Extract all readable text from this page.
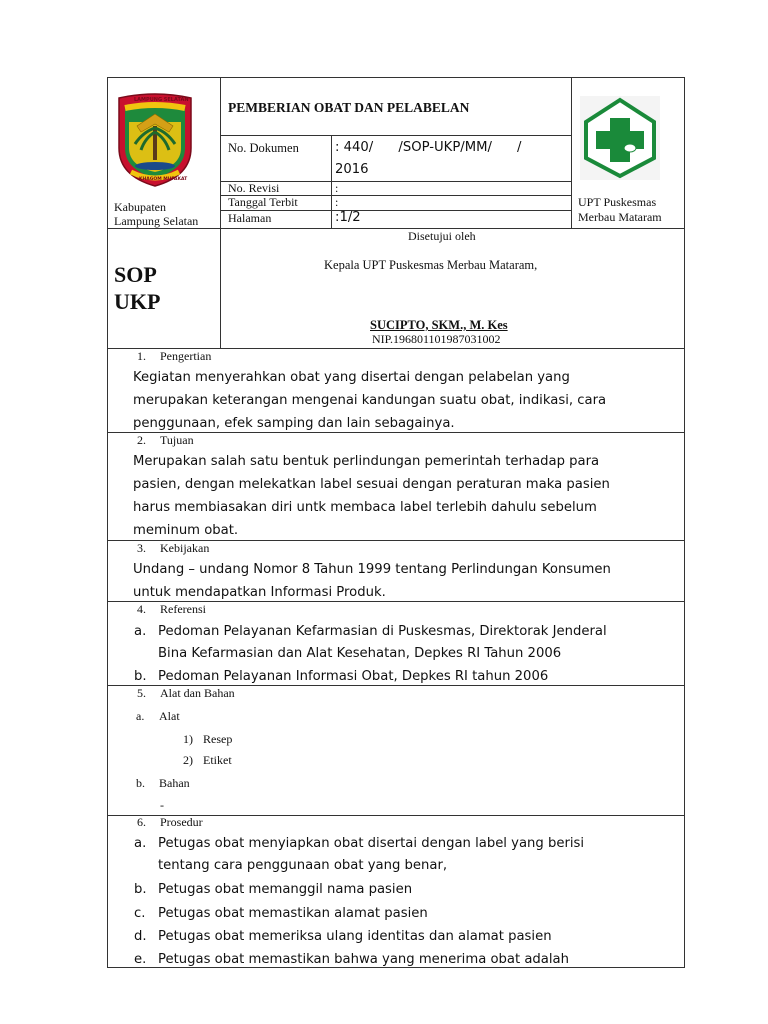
LAMPUNG SELATAN
KHAGOM MUFAKAT
Kabupaten
Lampung Selatan
PEMBERIAN OBAT DAN PELABELAN
No. Dokumen	: 440/      /SOP-UKP/MM/      /
2016
No. Revisi	:
Tanggal Terbit	:
Halaman	:1/2
UPT Puskesmas
Merbau Mataram
SOP
UKP
Disetujui oleh
Kepala UPT Puskesmas Merbau Mataram,
SUCIPTO, SKM., M. Kes
NIP.196801101987031002
1. Pengertian
Kegiatan menyerahkan obat yang disertai dengan pelabelan yang
merupakan keterangan mengenai kandungan suatu obat, indikasi, cara
penggunaan, efek samping dan lain sebagainya.
2. Tujuan
Merupakan salah satu bentuk perlindungan pemerintah terhadap para
pasien, dengan melekatkan label sesuai dengan peraturan maka pasien
harus membiasakan diri untk membaca label terlebih dahulu sebelum
meminum obat.
3. Kebijakan
Undang – undang Nomor 8 Tahun 1999 tentang Perlindungan Konsumen
untuk mendapatkan Informasi Produk.
4. Referensi
a. Pedoman Pelayanan Kefarmasian di Puskesmas, Direktorak Jenderal
Bina Kefarmasian dan Alat Kesehatan, Depkes RI Tahun 2006
b. Pedoman Pelayanan Informasi Obat, Depkes RI tahun 2006
5. Alat dan Bahan
a. Alat
1) Resep
2) Etiket
b. Bahan
-
6. Prosedur
a. Petugas obat menyiapkan obat disertai dengan label yang berisi
tentang cara penggunaan obat yang benar,
b. Petugas obat memanggil nama pasien
c. Petugas obat memastikan alamat pasien
d. Petugas obat memeriksa ulang identitas dan alamat pasien
e. Petugas obat memastikan bahwa yang menerima obat adalah
